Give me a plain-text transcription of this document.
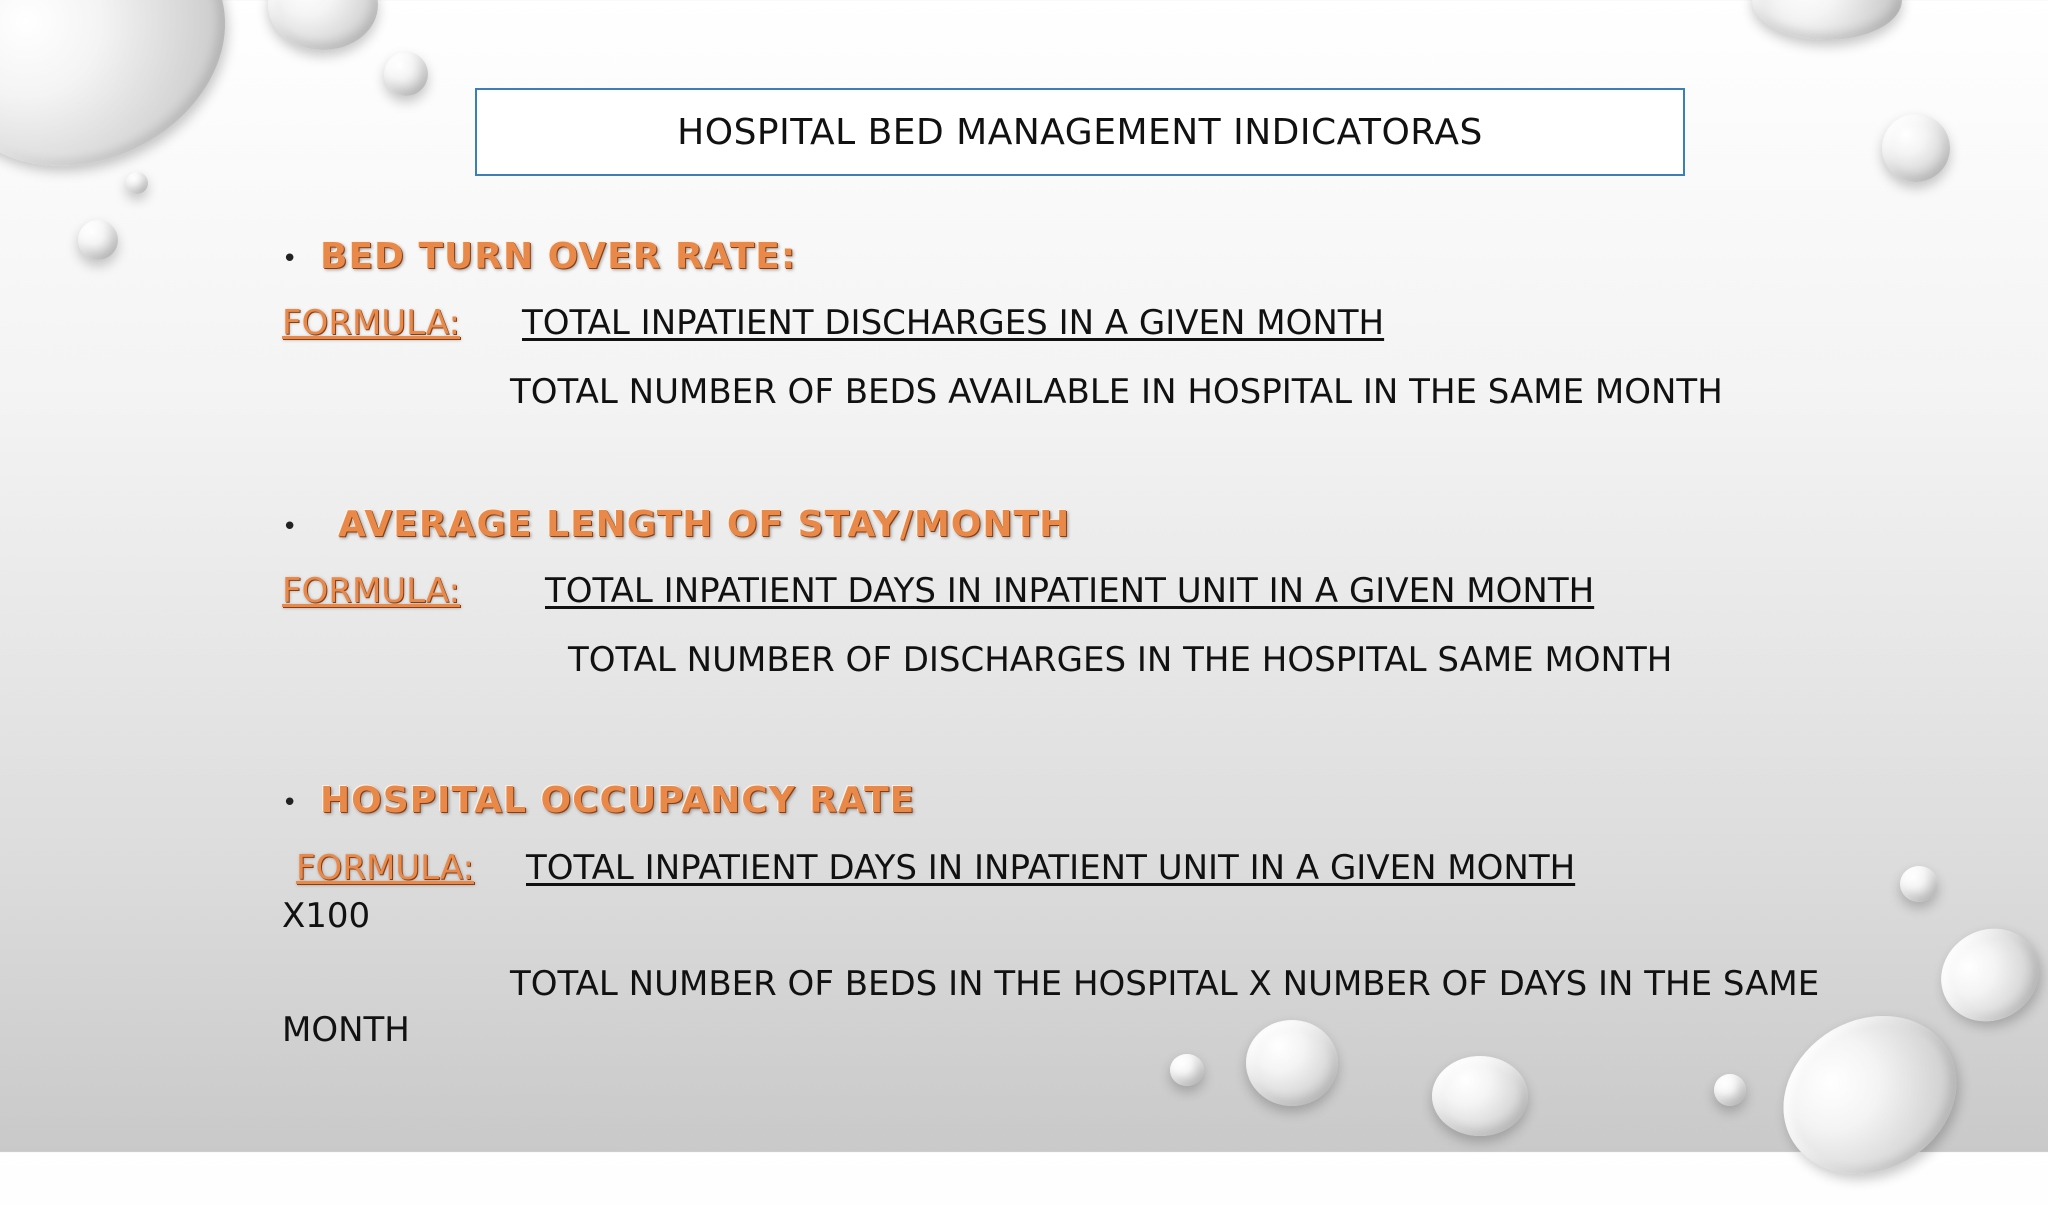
HOSPITAL BED MANAGEMENT INDICATORAS
• BED TURN OVER RATE:
FORMULA: TOTAL INPATIENT DISCHARGES IN A GIVEN MONTH
TOTAL NUMBER OF BEDS AVAILABLE IN HOSPITAL IN THE SAME MONTH
• AVERAGE LENGTH OF STAY/MONTH
FORMULA: TOTAL INPATIENT DAYS IN INPATIENT UNIT IN A GIVEN MONTH
TOTAL NUMBER OF DISCHARGES IN THE HOSPITAL SAME MONTH
• HOSPITAL OCCUPANCY RATE
FORMULA: TOTAL INPATIENT DAYS IN INPATIENT UNIT IN A GIVEN MONTH
X100
TOTAL NUMBER OF BEDS IN THE HOSPITAL X NUMBER OF DAYS IN THE SAME
MONTH
